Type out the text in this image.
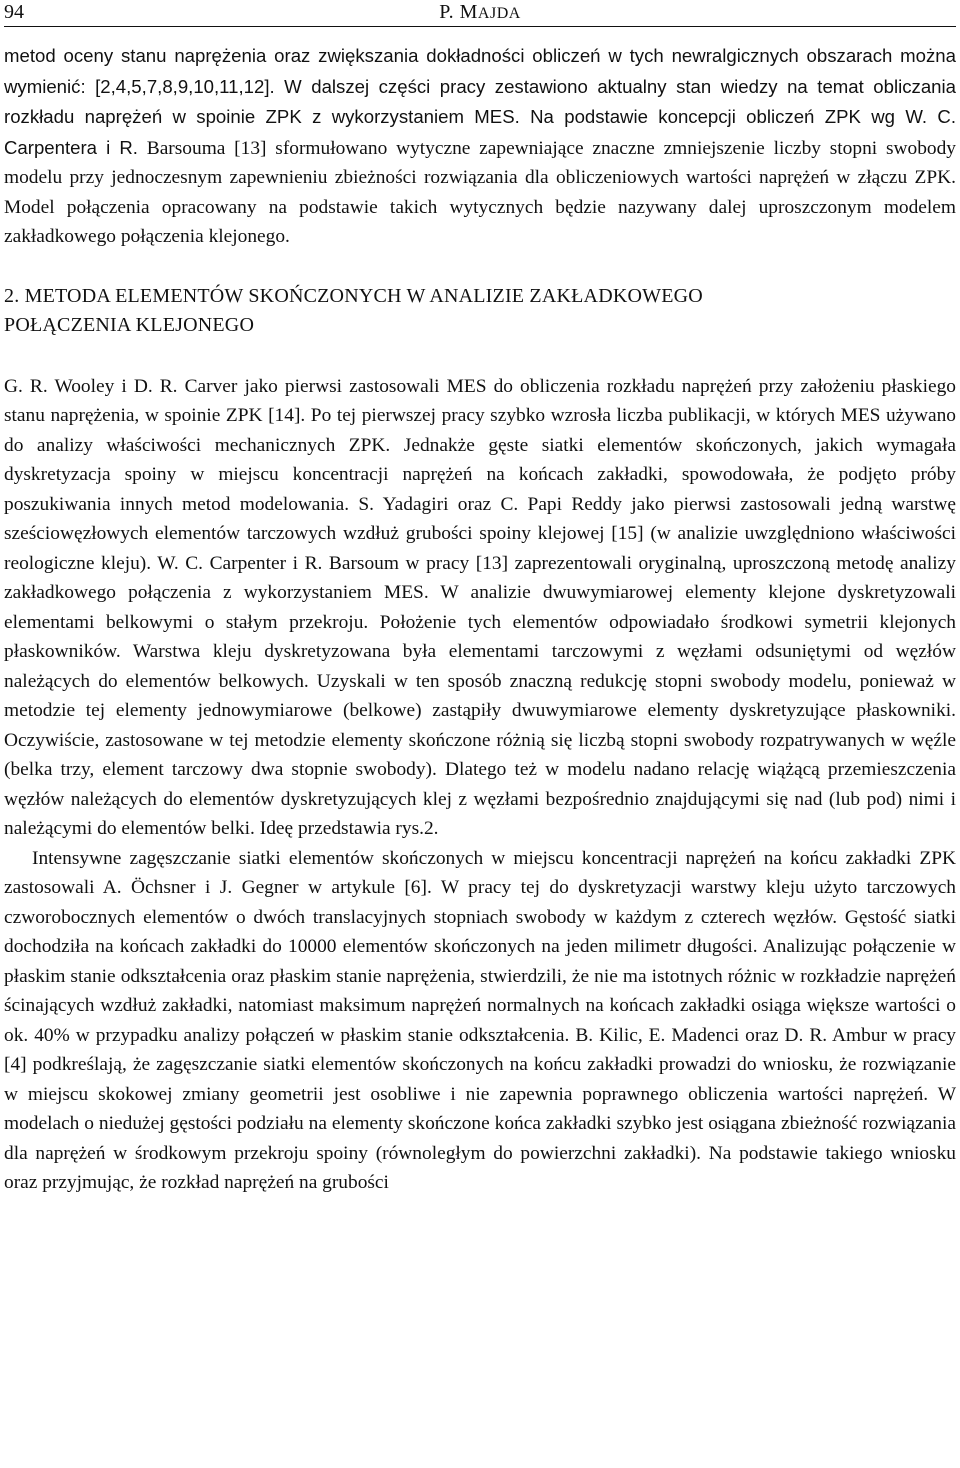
94	P. MAJDA

metod oceny stanu naprężenia oraz zwiększania dokładności obliczeń w tych newralgicznych obszarach można wymienić: [2,4,5,7,8,9,10,11,12]. W dalszej części pracy zestawiono aktualny stan wiedzy na temat obliczania rozkładu naprężeń w spoinie ZPK z wykorzystaniem MES. Na podstawie koncepcji obliczeń ZPK wg W. C. Carpentera i R. Barsouma [13] sformułowano wytyczne zapewniające znaczne zmniejszenie liczby stopni swobody modelu przy jednoczesnym zapewnieniu zbieżności rozwiązania dla obliczeniowych wartości naprężeń w złączu ZPK. Model połączenia opracowany na podstawie takich wytycznych będzie nazywany dalej uproszczonym modelem zakładkowego połączenia klejonego.

2. METODA ELEMENTÓW SKOŃCZONYCH W ANALIZIE ZAKŁADKOWEGO
POŁĄCZENIA KLEJONEGO

G. R. Wooley i D. R. Carver jako pierwsi zastosowali MES do obliczenia rozkładu naprężeń przy założeniu płaskiego stanu naprężenia, w spoinie ZPK [14]. Po tej pierwszej pracy szybko wzrosła liczba publikacji, w których MES używano do analizy właściwości mechanicznych ZPK. Jednakże gęste siatki elementów skończonych, jakich wymagała dyskretyzacja spoiny w miejscu koncentracji naprężeń na końcach zakładki, spowodowała, że podjęto próby poszukiwania innych metod modelowania. S. Yadagiri oraz C. Papi Reddy jako pierwsi zastosowali jedną warstwę sześciowęzłowych elementów tarczowych wzdłuż grubości spoiny klejowej [15] (w analizie uwzględniono właściwości reologiczne kleju). W. C. Carpenter i R. Barsoum w pracy [13] zaprezentowali oryginalną, uproszczoną metodę analizy zakładkowego połączenia z wykorzystaniem MES. W analizie dwuwymiarowej elementy klejone dyskretyzowali elementami belkowymi o stałym przekroju. Położenie tych elementów odpowiadało środkowi symetrii klejonych płaskowników. Warstwa kleju dyskretyzowana była elementami tarczowymi z węzłami odsuniętymi od węzłów należących do elementów belkowych. Uzyskali w ten sposób znaczną redukcję stopni swobody modelu, ponieważ w metodzie tej elementy jednowymiarowe (belkowe) zastąpiły dwuwymiarowe elementy dyskretyzujące płaskowniki. Oczywiście, zastosowane w tej metodzie elementy skończone różnią się liczbą stopni swobody rozpatrywanych w węźle (belka trzy, element tarczowy dwa stopnie swobody). Dlatego też w modelu nadano relację wiążącą przemieszczenia węzłów należących do elementów dyskretyzujących klej z węzłami bezpośrednio znajdującymi się nad (lub pod) nimi i należącymi do elementów belki. Ideę przedstawia rys.2.

Intensywne zagęszczanie siatki elementów skończonych w miejscu koncentracji naprężeń na końcu zakładki ZPK zastosowali A. Öchsner i J. Gegner w artykule [6]. W pracy tej do dyskretyzacji warstwy kleju użyto tarczowych czworobocznych elementów o dwóch translacyjnych stopniach swobody w każdym z czterech węzłów. Gęstość siatki dochodziła na końcach zakładki do 10000 elementów skończonych na jeden milimetr długości. Analizując połączenie w płaskim stanie odkształcenia oraz płaskim stanie naprężenia, stwierdzili, że nie ma istotnych różnic w rozkładzie naprężeń ścinających wzdłuż zakładki, natomiast maksimum naprężeń normalnych na końcach zakładki osiąga większe wartości o ok. 40% w przypadku analizy połączeń w płaskim stanie odkształcenia. B. Kilic, E. Madenci oraz D. R. Ambur w pracy [4] podkreślają, że zagęszczanie siatki elementów skończonych na końcu zakładki prowadzi do wniosku, że rozwiązanie w miejscu skokowej zmiany geometrii jest osobliwe i nie zapewnia poprawnego obliczenia wartości naprężeń. W modelach o niedużej gęstości podziału na elementy skończone końca zakładki szybko jest osiągana zbieżność rozwiązania dla naprężeń w środkowym przekroju spoiny (równoległym do powierzchni zakładki). Na podstawie takiego wniosku oraz przyjmując, że rozkład naprężeń na grubości
